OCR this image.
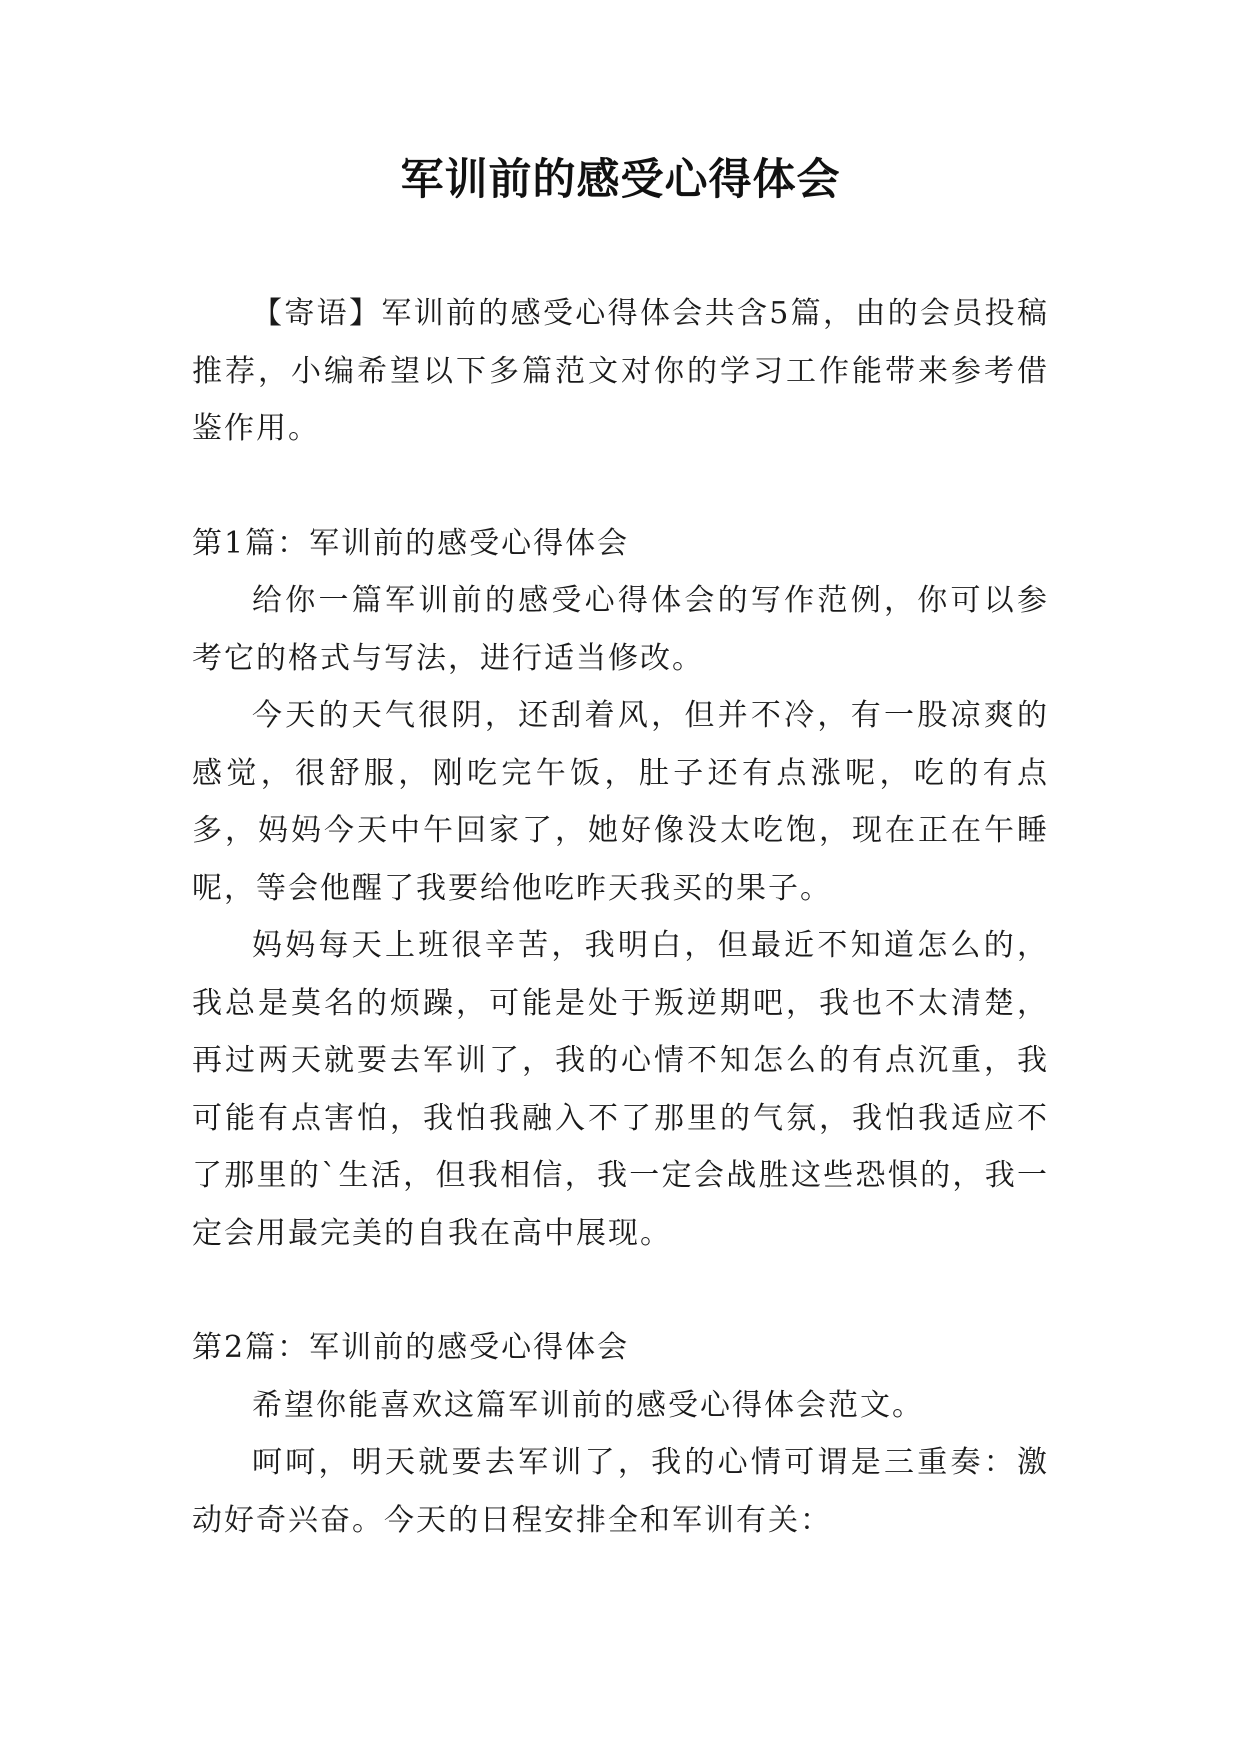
军训前的感受心得体会

【寄语】军训前的感受心得体会共含5篇，由的会员投稿推荐，小编希望以下多篇范文对你的学习工作能带来参考借鉴作用。

第1篇：军训前的感受心得体会

给你一篇军训前的感受心得体会的写作范例，你可以参考它的格式与写法，进行适当修改。

今天的天气很阴，还刮着风，但并不冷，有一股凉爽的感觉，很舒服，刚吃完午饭，肚子还有点涨呢，吃的有点多，妈妈今天中午回家了，她好像没太吃饱，现在正在午睡呢，等会他醒了我要给他吃昨天我买的果子。

妈妈每天上班很辛苦，我明白，但最近不知道怎么的，我总是莫名的烦躁，可能是处于叛逆期吧，我也不太清楚，再过两天就要去军训了，我的心情不知怎么的有点沉重，我可能有点害怕，我怕我融入不了那里的气氛，我怕我适应不了那里的`生活，但我相信，我一定会战胜这些恐惧的，我一定会用最完美的自我在高中展现。

第2篇：军训前的感受心得体会

希望你能喜欢这篇军训前的感受心得体会范文。

呵呵，明天就要去军训了，我的心情可谓是三重奏：激动好奇兴奋。今天的日程安排全和军训有关：
